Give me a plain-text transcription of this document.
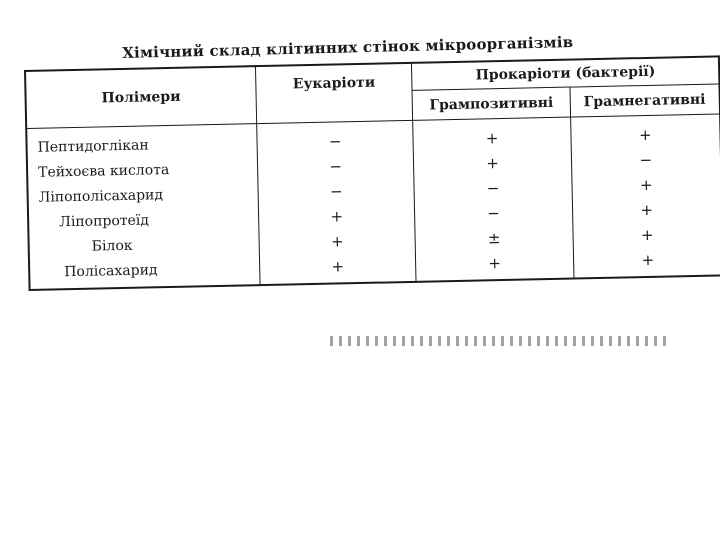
Хімічний склад клітинних стінок мікроорганізмів
Полімери	Еукаріоти	Прокаріоти (бактерії)	
		Грампозитивні	Грамнегативні
Пептидоглікан	−	+	+
Тейхоєва кислота	−	+	−
Ліпополісахарид	−	−	+
Ліпопротеїд	+	−	+
Білок	+	±	+
Полісахарид	+	+	+
